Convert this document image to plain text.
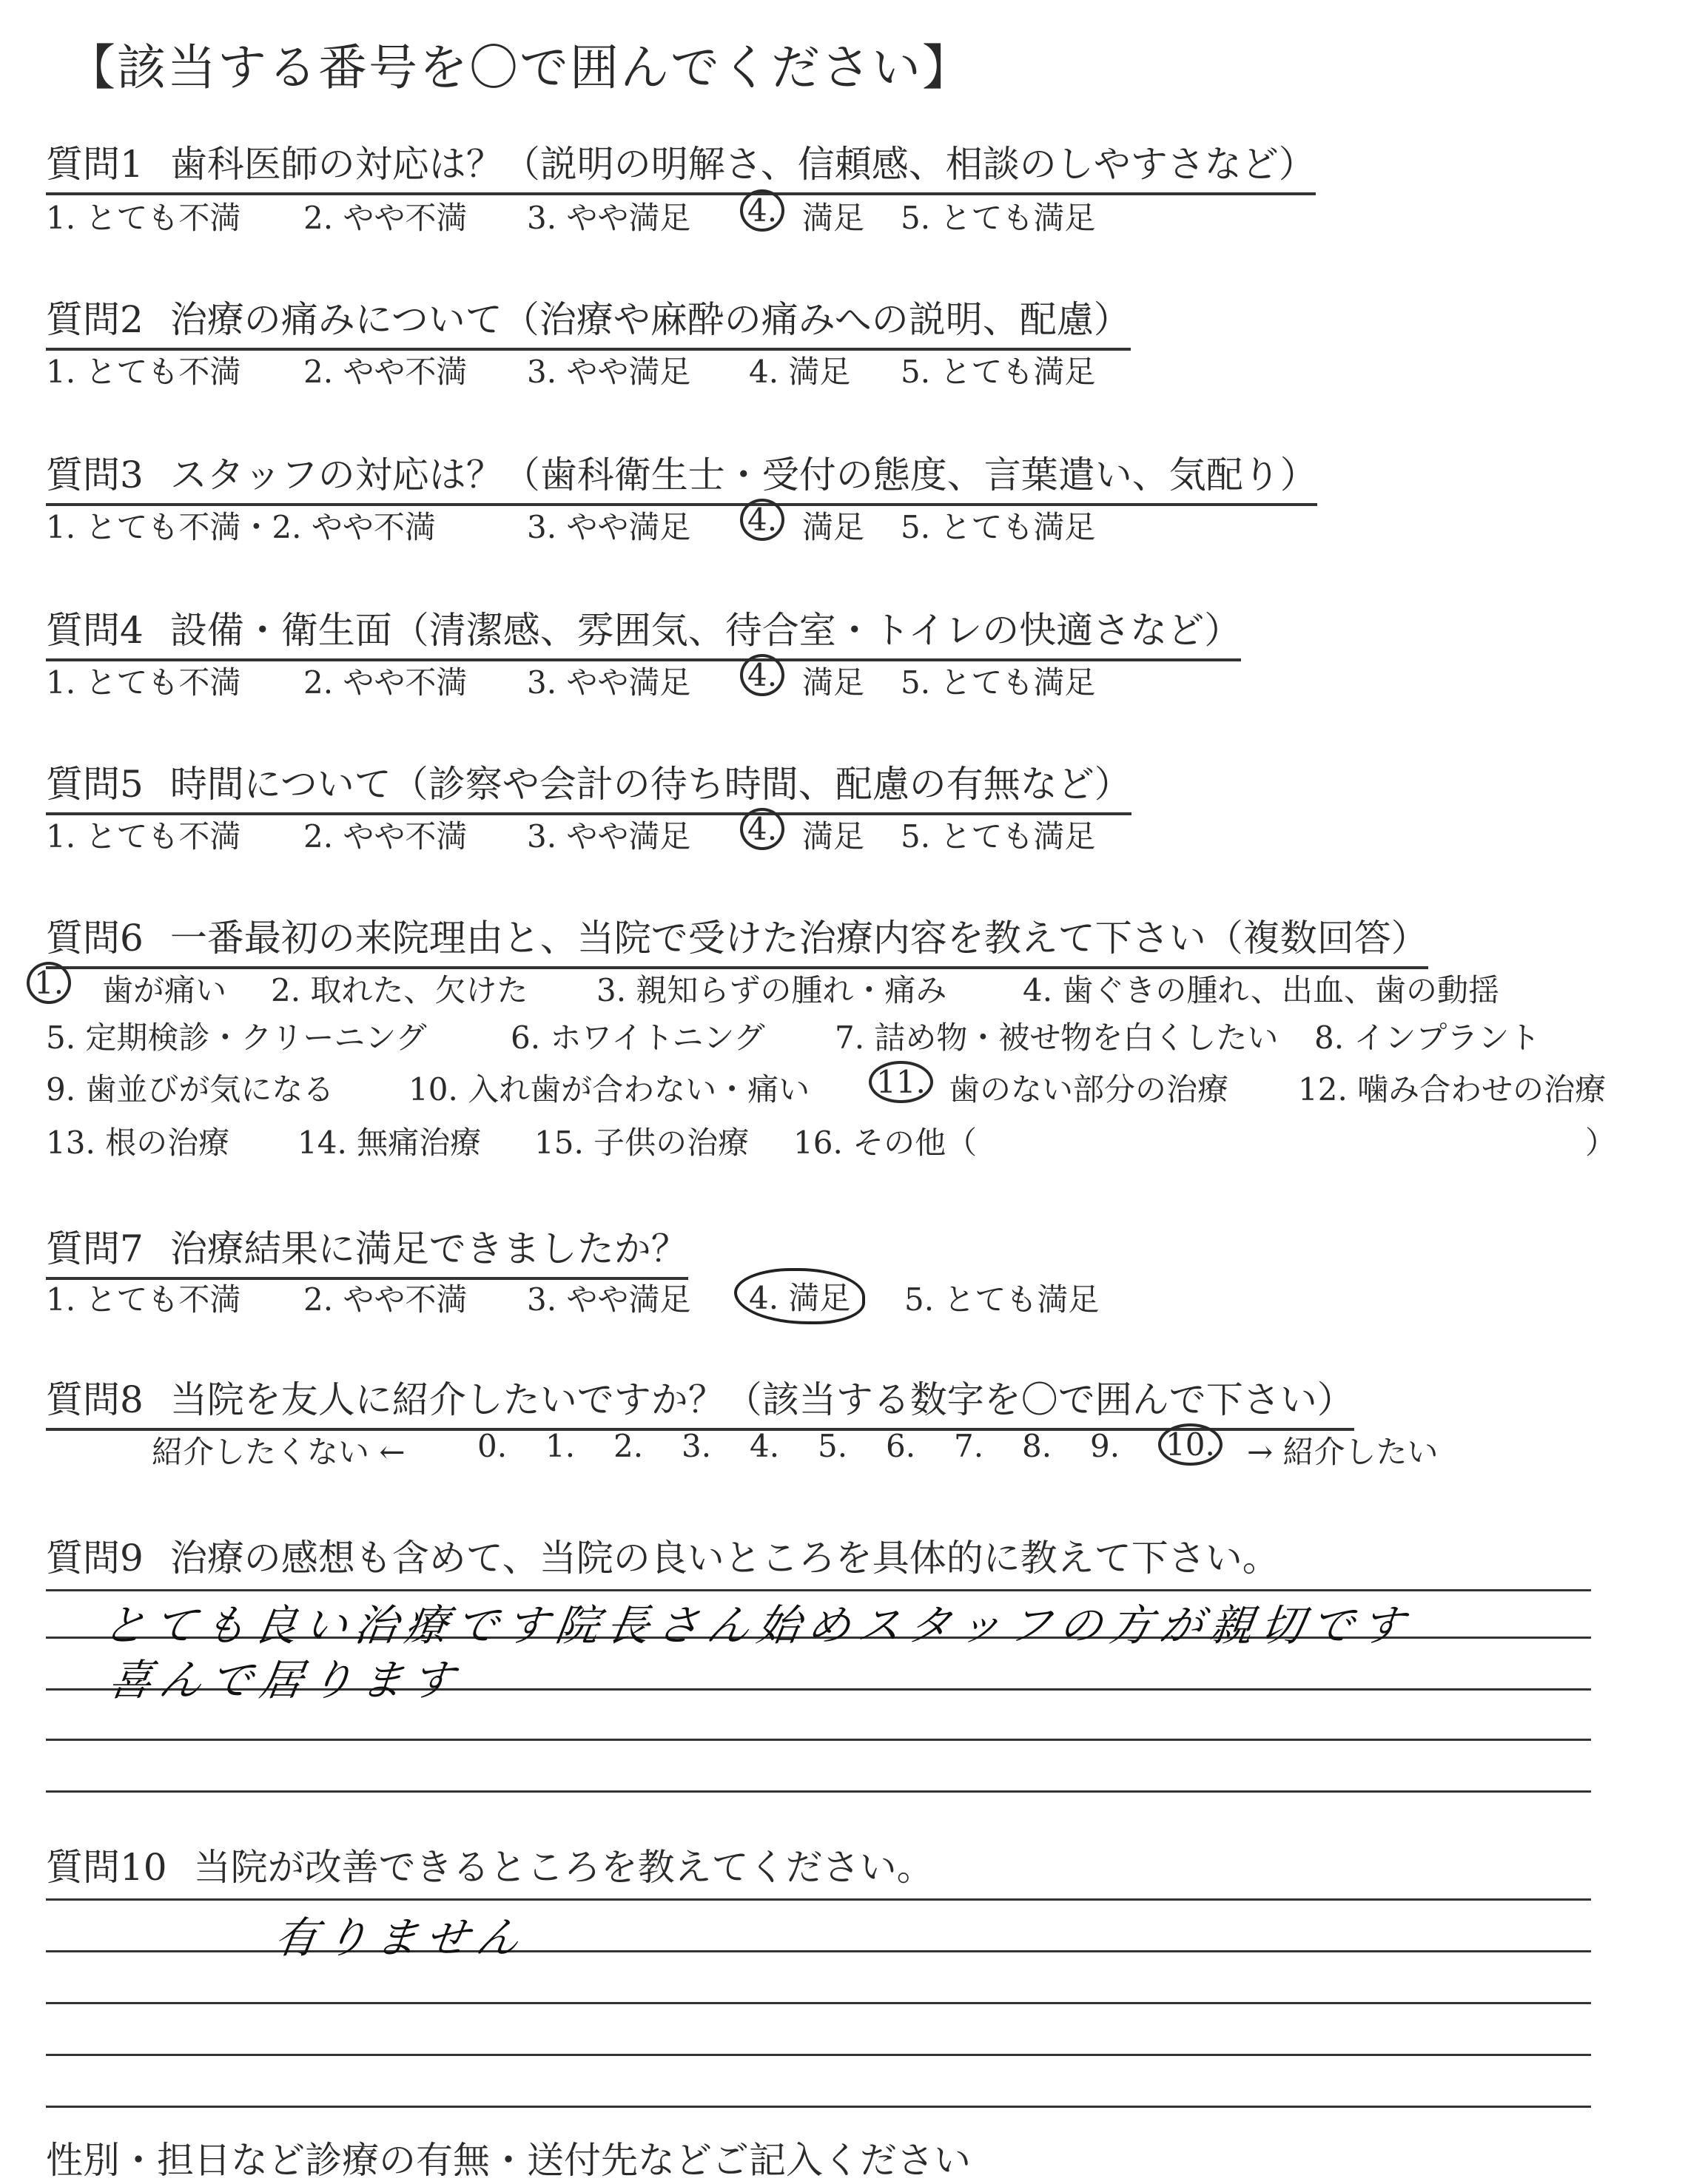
【該当する番号を〇で囲んでください】
質問1 歯科医師の対応は？（説明の明解さ、信頼感、相談のしやすさなど）
1. とても不満 2. やや不満 3. やや満足 4. 満足 5. とても満足
質問2 治療の痛みについて（治療や麻酔の痛みへの説明、配慮）
1. とても不満 2. やや不満 3. やや満足 4. 満足 5. とても満足
質問3 スタッフの対応は？（歯科衛生士・受付の態度、言葉遣い、気配り）
1. とても不満・2. やや不満	3. やや満足 4. 満足 5. とても満足
質問4 設備・衛生面（清潔感、雰囲気、待合室・トイレの快適さなど）
1. とても不満 2. やや不満 3. やや満足 4. 満足 5. とても満足
質問5 時間について（診察や会計の待ち時間、配慮の有無など）
1. とても不満 2. やや不満 3. やや満足 4. 満足 5. とても満足
質問6 一番最初の来院理由と、当院で受けた治療内容を教えて下さい（複数回答）
1. 歯が痛い 2. 取れた、欠けた 3. 親知らずの腫れ・痛み 4. 歯ぐきの腫れ、出血、歯の動揺
5. 定期検診・クリーニング	6. ホワイトニング 7. 詰め物・被せ物を白くしたい 8. インプラント
9. 歯並びが気になる 10. 入れ歯が合わない・痛い 11. 歯のない部分の治療 12. 噛み合わせの治療
13. 根の治療 14. 無痛治療 15. 子供の治療 16. その他（	）
質問7 治療結果に満足できましたか？
1. とても不満 2. やや不満 3. やや満足	4. 満足	5. とても満足
質問8 当院を友人に紹介したいですか？（該当する数字を〇で囲んで下さい）
紹介したくない ← 0. 1. 2. 3. 4. 5. 6. 7. 8. 9. 10. → 紹介したい
質問9 治療の感想も含めて、当院の良いところを具体的に教えて下さい。
とても良い治療です院長さん始めスタッフの方が親切です
喜んで居ります
質問10 当院が改善できるところを教えてください。
有りません
性別・担日など診療の有無・送付先などご記入ください
